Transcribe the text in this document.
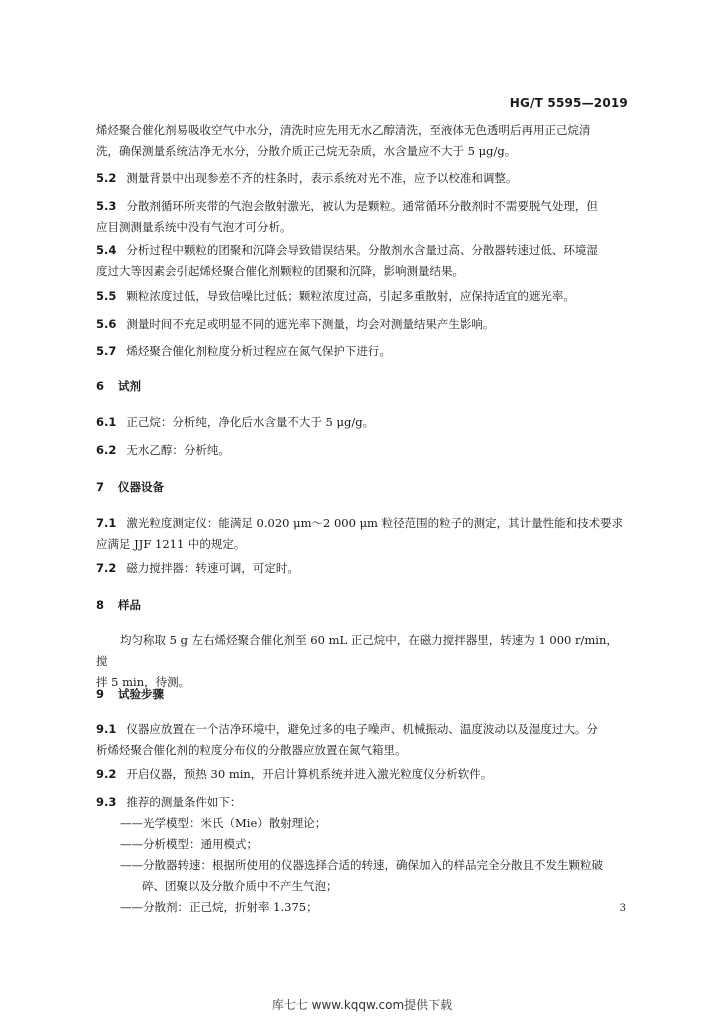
HG/T 5595—2019
烯烃聚合催化剂易吸收空气中水分，清洗时应先用无水乙醇清洗，至液体无色透明后再用正己烷清
洗，确保测量系统洁净无水分，分散介质正己烷无杂质，水含量应不大于 5 μg/g。
5.2 测量背景中出现参差不齐的柱条时，表示系统对光不准，应予以校准和调整。
5.3 分散剂循环所夹带的气泡会散射激光，被认为是颗粒。通常循环分散剂时不需要脱气处理，但
应目测测量系统中没有气泡才可分析。
5.4 分析过程中颗粒的团聚和沉降会导致错误结果。分散剂水含量过高、分散器转速过低、环境湿
度过大等因素会引起烯烃聚合催化剂颗粒的团聚和沉降，影响测量结果。
5.5 颗粒浓度过低，导致信噪比过低；颗粒浓度过高，引起多重散射，应保持适宜的遮光率。
5.6 测量时间不充足或明显不同的遮光率下测量，均会对测量结果产生影响。
5.7 烯烃聚合催化剂粒度分析过程应在氮气保护下进行。
6 试剂
6.1 正己烷：分析纯，净化后水含量不大于 5 μg/g。
6.2 无水乙醇：分析纯。
7 仪器设备
7.1 激光粒度测定仪：能满足 0.020 μm～2 000 μm 粒径范围的粒子的测定，其计量性能和技术要求
应满足 JJF 1211 中的规定。
7.2 磁力搅拌器：转速可调，可定时。
8 样品
均匀称取 5 g 左右烯烃聚合催化剂至 60 mL 正己烷中，在磁力搅拌器里，转速为 1 000 r/min，搅
拌 5 min，待测。
9 试验步骤
9.1 仪器应放置在一个洁净环境中，避免过多的电子噪声、机械振动、温度波动以及湿度过大。分
析烯烃聚合催化剂的粒度分布仪的分散器应放置在氮气箱里。
9.2 开启仪器，预热 30 min，开启计算机系统并进入激光粒度仪分析软件。
9.3 推荐的测量条件如下：
——光学模型：米氏（Mie）散射理论；
——分析模型：通用模式；
——分散器转速：根据所使用的仪器选择合适的转速，确保加入的样品完全分散且不发生颗粒破
碎、团聚以及分散介质中不产生气泡；
——分散剂：正己烷，折射率 1.375；	3
库七七 www.kqqw.com提供下载
